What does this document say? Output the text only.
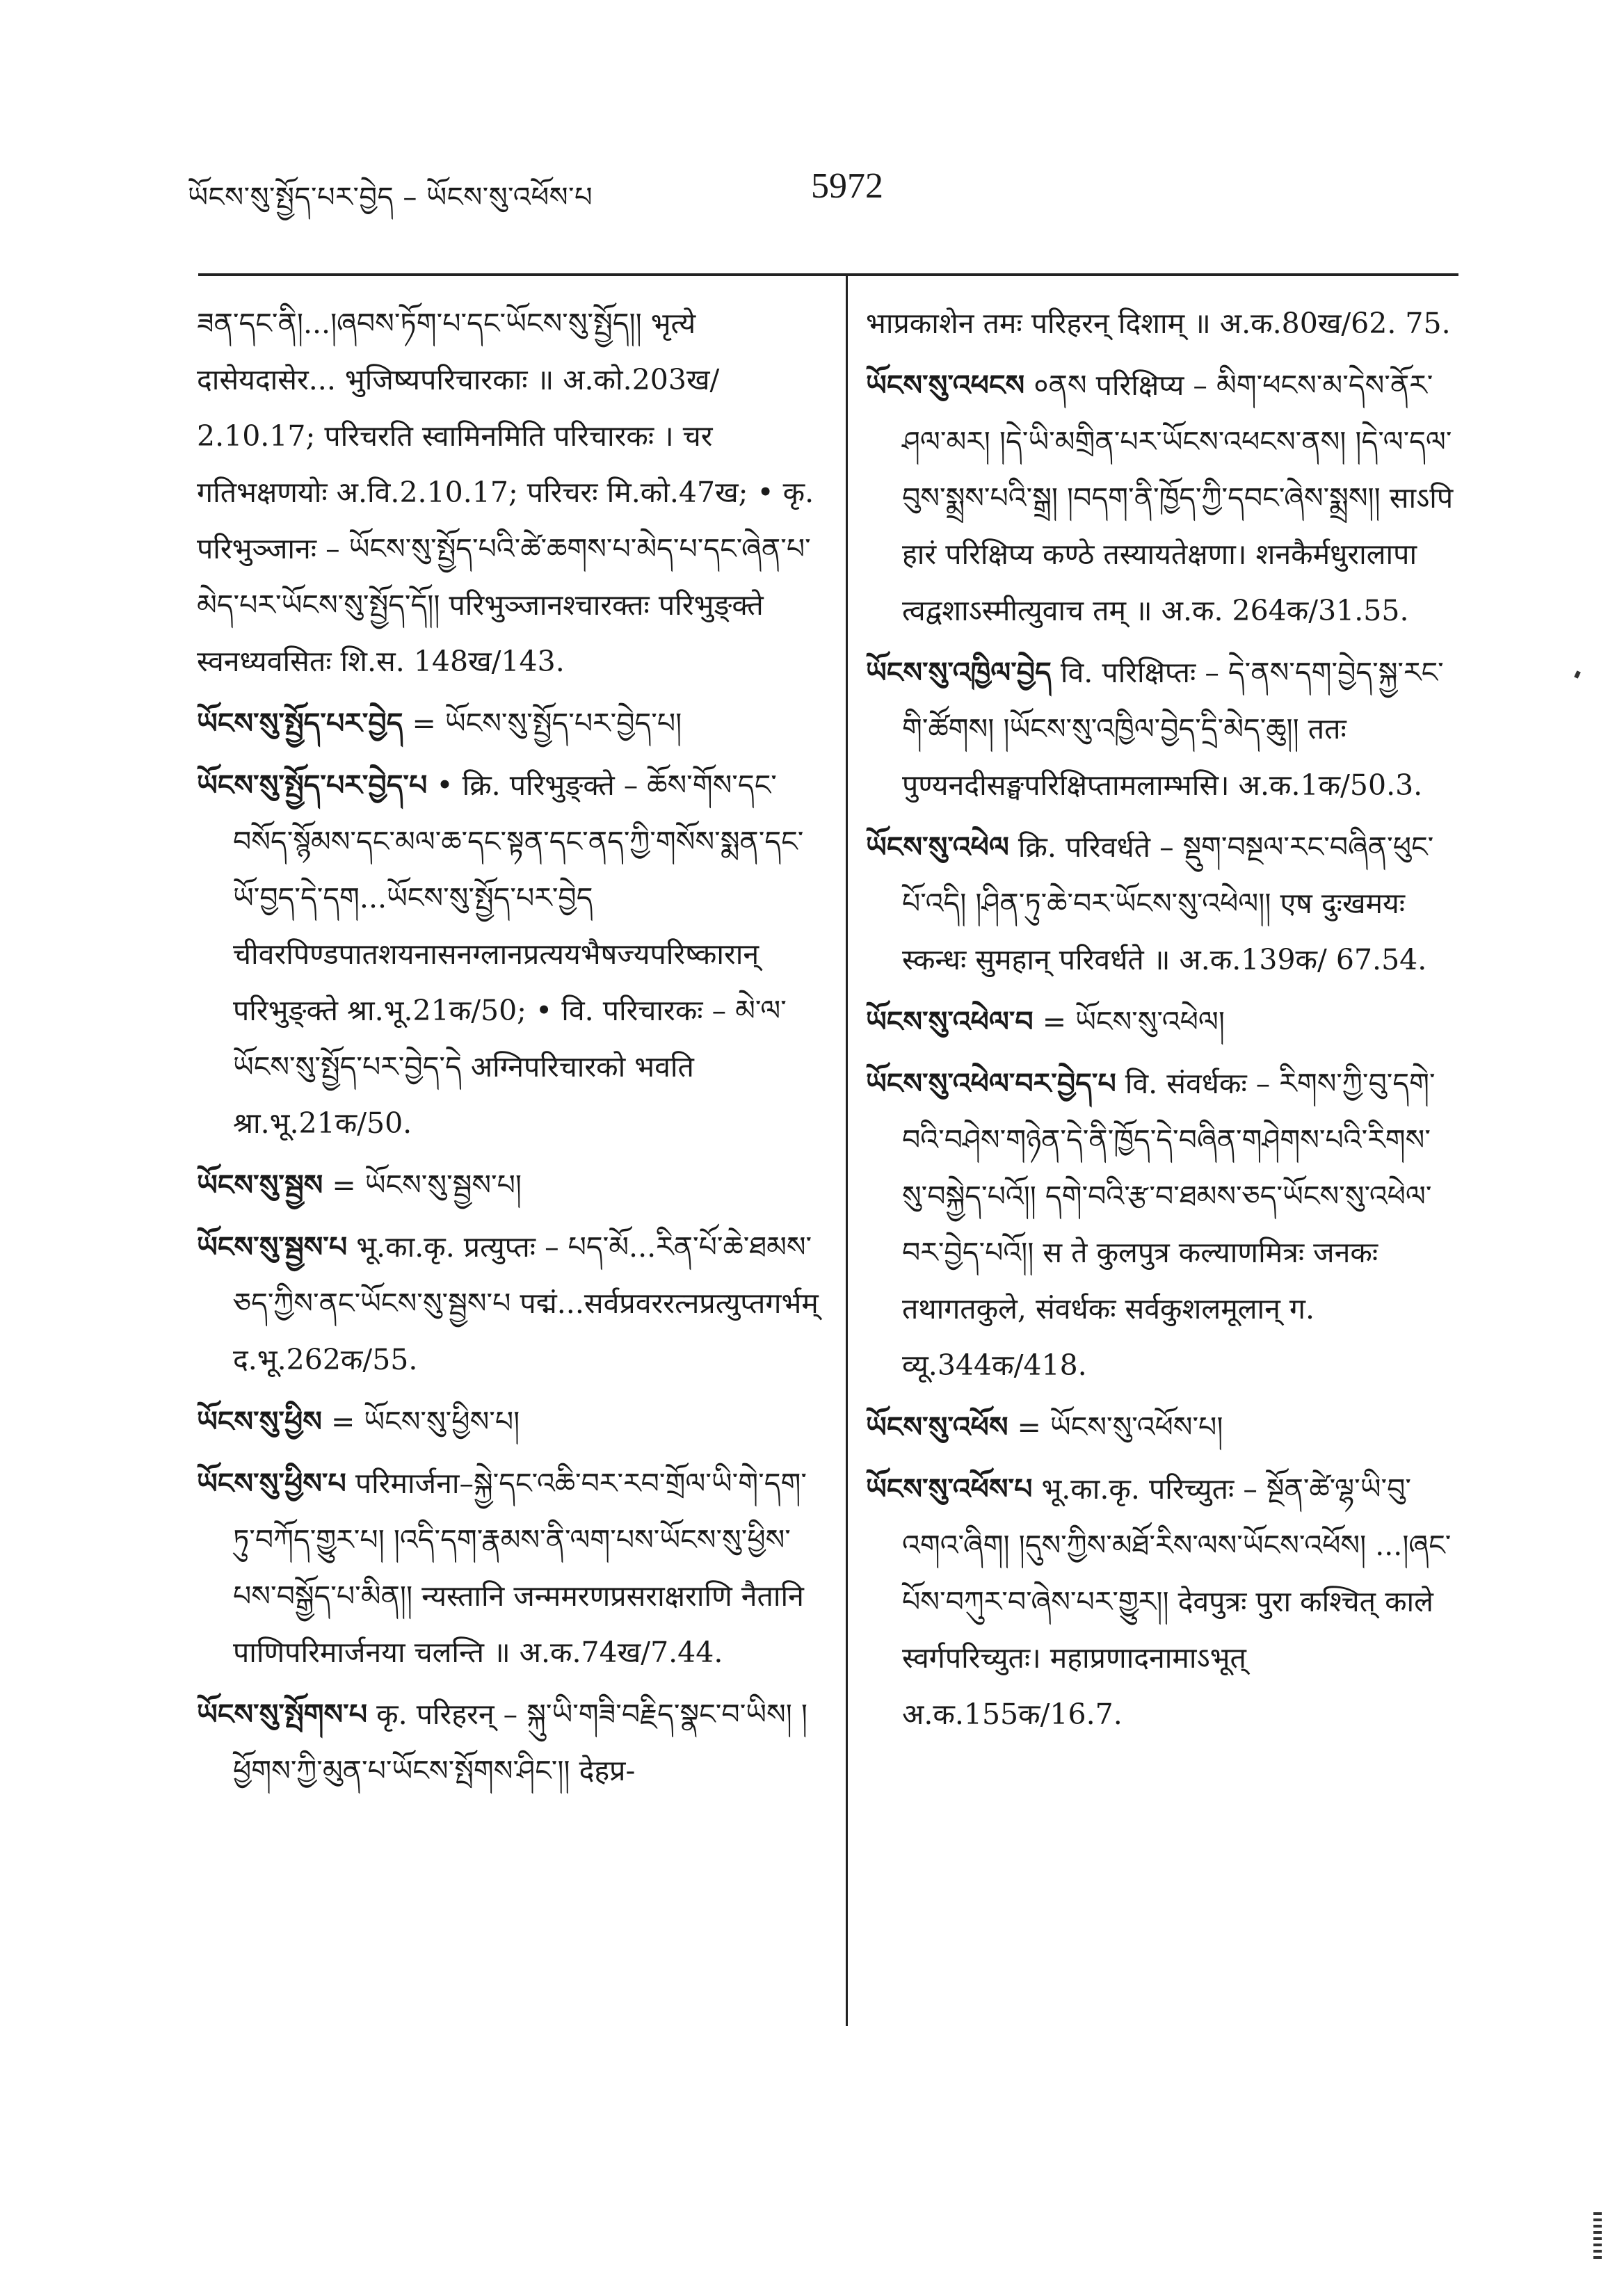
ཡོངས་སུ་སྤྱོད་པར་བྱེད – ཡོངས་སུ་འཕོས་པ	5972

ཟན་དང་ནི།...།ཞབས་ཏོག་པ་དང་ཡོངས་སུ་སྤྱོད།། भृत्ये दासेयदासेर... भुजिष्यपरिचारकाः ॥ अ.को.203ख/ 2.10.17; परिचरति स्वामिनमिति परिचारकः । चर गतिभक्षणयोः अ.वि.2.10.17; परिचरः मि.को.47ख; • कृ. परिभुञ्जानः – ཡོངས་སུ་སྤྱོད་པའི་ཚེ་ཆགས་པ་མེད་པ་དང་ཞེན་པ་མེད་པར་ཡོངས་སུ་སྤྱོད་དོ།། परिभुञ्जानश्चारक्तः परिभुङ्क्ते स्वनध्यवसितः शि.स. 148ख/143.

ཡོངས་སུ་སྤྱོད་པར་བྱེད = ཡོངས་སུ་སྤྱོད་པར་བྱེད་པ།

ཡོངས་སུ་སྤྱོད་པར་བྱེད་པ • क्रि. परिभुङ्क्ते – ཆོས་གོས་དང་བསོད་སྙོམས་དང་མལ་ཆ་དང་སྟན་དང་ནད་ཀྱི་གསོས་སྨན་དང་ཡོ་བྱད་དེ་དག...ཡོངས་སུ་སྤྱོད་པར་བྱེད चीवरपिण्डपातशयनासनग्लानप्रत्ययभैषज्यपरिष्कारान् परिभुङ्क्ते श्रा.भू.21क/50; • वि. परिचारकः – མེ་ལ་ཡོངས་སུ་སྤྱོད་པར་བྱེད་དེ अग्निपरिचारको भवति श्रा.भू.21क/50.

ཡོངས་སུ་སྦྱས = ཡོངས་སུ་སྦྱས་པ།

ཡོངས་སུ་སྦྱས་པ भू.का.कृ. प्रत्युप्तः – པད་མོ...རིན་པོ་ཆེ་ཐམས་ཅད་ཀྱིས་ནང་ཡོངས་སུ་སྦྱས་པ पद्मं...सर्वप्रवररत्नप्रत्युप्तगर्भम् द.भू.262क/55.

ཡོངས་སུ་ཕྱིས = ཡོངས་སུ་ཕྱིས་པ།

ཡོངས་སུ་ཕྱིས་པ परिमार्जना–སྐྱེ་དང་འཆི་བར་རབ་གྲོལ་ཡི་གེ་དག་ཏུ་བཀོད་གྱུར་པ། །འདི་དག་རྣམས་ནི་ལག་པས་ཡོངས་སུ་ཕྱིས་པས་བསྒྱོད་པ་མིན།། न्यस्तानि जन्ममरणप्रसराक्षराणि नैतानि पाणिपरिमार्जनया चलन्ति ॥ अ.क.74ख/7.44.

ཡོངས་སུ་སྤོགས་པ कृ. परिहरन् – སྐུ་ཡི་གཟི་བརྗིད་སྣང་བ་ཡིས། །ཕྱོགས་ཀྱི་མུན་པ་ཡོངས་སྤོགས་ཤིང་།། देहप्र-

भाप्रकाशेन तमः परिहरन् दिशाम् ॥ अ.क.80ख/62. 75.

ཡོངས་སུ་འཕངས ०ནས परिक्षिप्य – མིག་ཕངས་མ་དེས་ནོར་ཤལ་མར། །དེ་ཡི་མགྲིན་པར་ཡོངས་འཕངས་ནས། །དེ་ལ་དལ་བུས་སྨྲས་པའི་སྒྲ། །བདག་ནི་ཁྱོད་ཀྱི་དབང་ཞེས་སྨྲས།། साऽपि हारं परिक्षिप्य कण्ठे तस्यायतेक्षणा। शनकैर्मधुरालापा त्वद्वशाऽस्मीत्युवाच तम् ॥ अ.क. 264क/31.55.

ཡོངས་སུ་འཁྱིལ་བྱེད वि. परिक्षिप्तः – དེ་ནས་དག་བྱེད་སྐྱ་རང་གི་ཚོགས། །ཡོངས་སུ་འཁྱིལ་བྱེད་དྲི་མེད་ཆུ།། ततः पुण्यनदीसङ्घपरिक्षिप्तामलाम्भसि। अ.क.1क/50.3.

ཡོངས་སུ་འཕེལ क्रि. परिवर्धते – སྡུག་བསྔལ་རང་བཞིན་ཕུང་པོ་འདི། །ཤིན་ཏུ་ཆེ་བར་ཡོངས་སུ་འཕེལ།། एष दुःखमयः स्कन्धः सुमहान् परिवर्धते ॥ अ.क.139क/ 67.54.

ཡོངས་སུ་འཕེལ་བ = ཡོངས་སུ་འཕེལ།

ཡོངས་སུ་འཕེལ་བར་བྱེད་པ वि. संवर्धकः – རིགས་ཀྱི་བུ་དགེ་བའི་བཤེས་གཉེན་དེ་ནི་ཁྱོད་དེ་བཞིན་གཤེགས་པའི་རིགས་སུ་བསྐྱེད་པའོ།། དགེ་བའི་རྩ་བ་ཐམས་ཅད་ཡོངས་སུ་འཕེལ་བར་བྱེད་པའོ།། स ते कुलपुत्र कल्याणमित्रः जनकः तथागतकुले, संवर्धकः सर्वकुशलमूलान् ग. व्यू.344क/418.

ཡོངས་སུ་འཕོས = ཡོངས་སུ་འཕོས་པ།

ཡོངས་སུ་འཕོས་པ भू.का.कृ. परिच्युतः – སྔོན་ཚེ་ལྷ་ཡི་བུ་འགའ་ཞིག། །དུས་ཀྱིས་མཐོ་རིས་ལས་ཡོངས་འཕོས། ...།ཞང་པོས་བཀུར་བ་ཞེས་པར་གྱུར།། देवपुत्रः पुरा कश्चित् काले स्वर्गपरिच्युतः। महाप्रणादनामाऽभूत् अ.क.155क/16.7.
